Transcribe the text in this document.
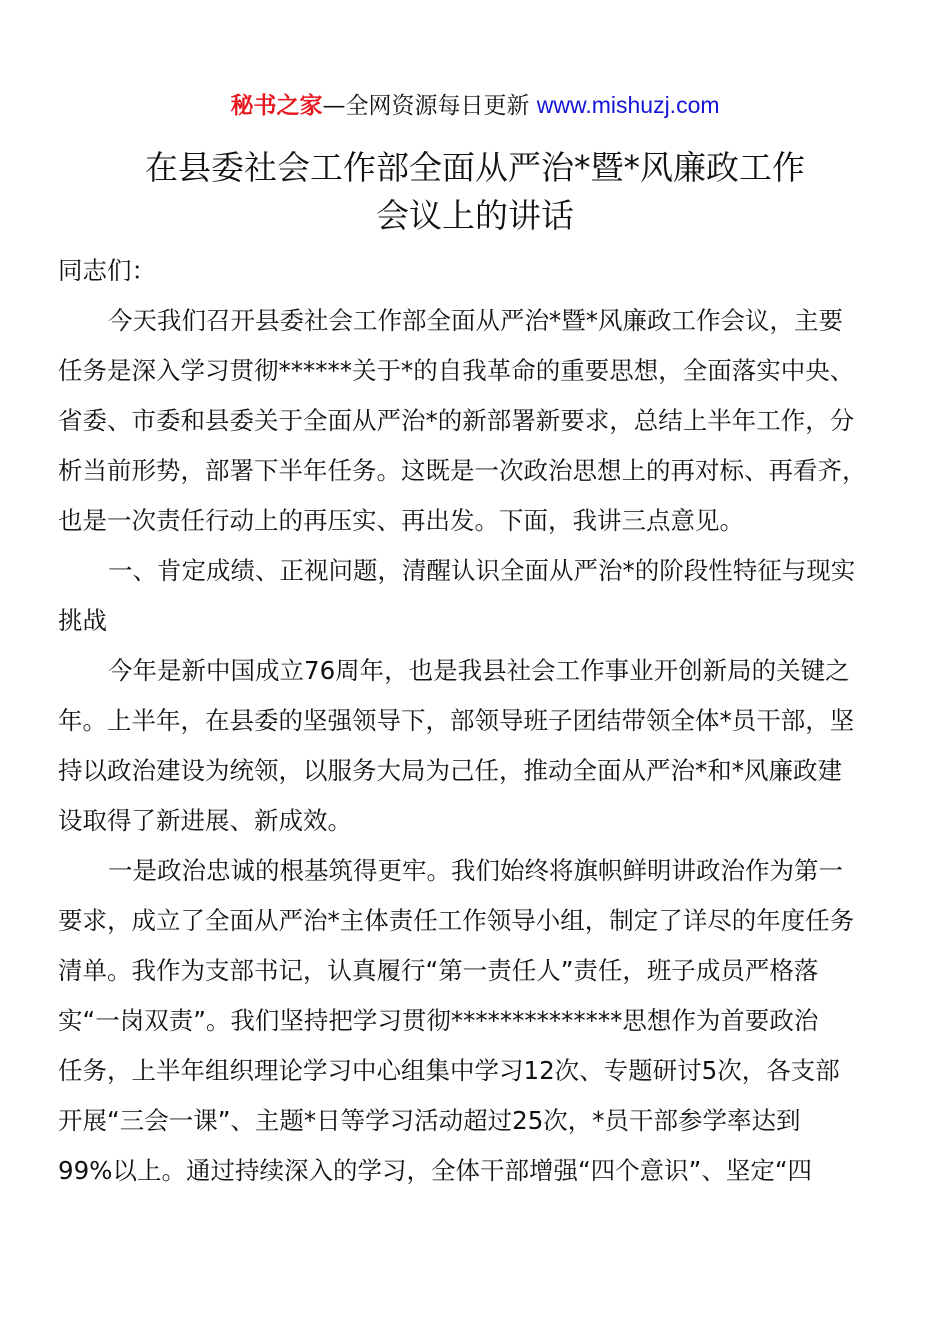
秘书之家—全网资源每日更新 www.mishuzj.com
在县委社会工作部全面从严治*暨*风廉政工作
会议上的讲话
同志们：
今天我们召开县委社会工作部全面从严治*暨*风廉政工作会议，主要
任务是深入学习贯彻******关于*的自我革命的重要思想，全面落实中央、
省委、市委和县委关于全面从严治*的新部署新要求，总结上半年工作，分
析当前形势，部署下半年任务。这既是一次政治思想上的再对标、再看齐，
也是一次责任行动上的再压实、再出发。下面，我讲三点意见。
一、肯定成绩、正视问题，清醒认识全面从严治*的阶段性特征与现实
挑战
今年是新中国成立76周年，也是我县社会工作事业开创新局的关键之
年。上半年，在县委的坚强领导下，部领导班子团结带领全体*员干部，坚
持以政治建设为统领，以服务大局为己任，推动全面从严治*和*风廉政建
设取得了新进展、新成效。
一是政治忠诚的根基筑得更牢。我们始终将旗帜鲜明讲政治作为第一
要求，成立了全面从严治*主体责任工作领导小组，制定了详尽的年度任务
清单。我作为支部书记，认真履行“第一责任人”责任，班子成员严格落
实“一岗双责”。我们坚持把学习贯彻**************思想作为首要政治
任务，上半年组织理论学习中心组集中学习12次、专题研讨5次，各支部
开展“三会一课”、主题*日等学习活动超过25次，*员干部参学率达到
99%以上。通过持续深入的学习，全体干部增强“四个意识”、坚定“四
